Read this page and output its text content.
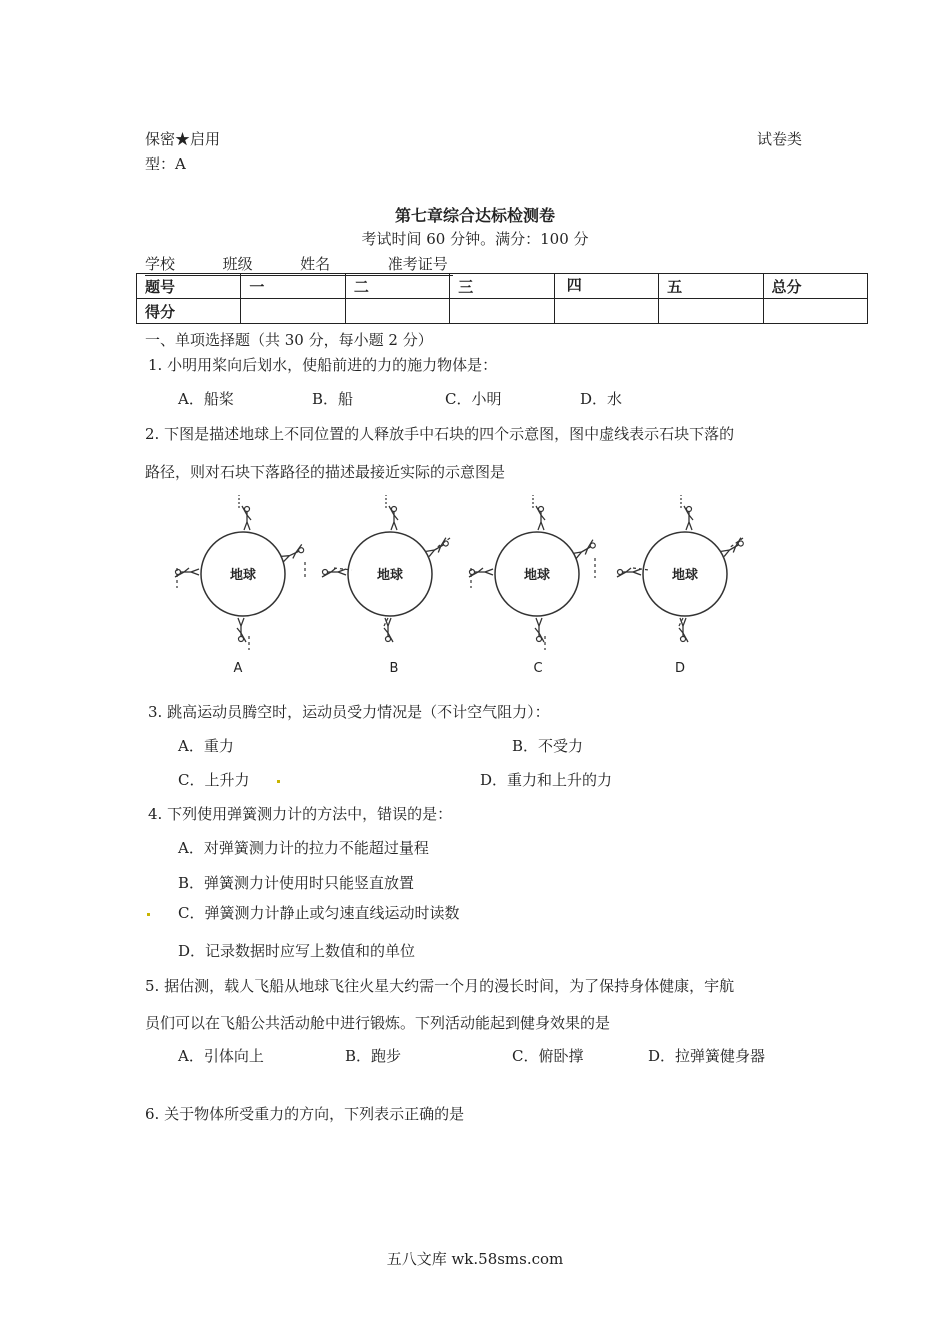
保密★启用	试卷类
型：A
第七章综合达标检测卷
考试时间 60 分钟。满分：100 分
学校	班级	姓名	准考证号
题号	一	二	三	四	五	总分
得分						
一、单项选择题（共 30 分，每小题 2 分）
1. 小明用桨向后划水，使船前进的力的施力物体是：
A．船桨	B．船	C．小明	D．水
2. 下图是描述地球上不同位置的人释放手中石块的四个示意图，图中虚线表示石块下落的
路径，则对石块下落路径的描述最接近实际的示意图是
地球
A
地球
B
地球
C
地球
D
3. 跳高运动员腾空时，运动员受力情况是（不计空气阻力）：
A．重力	B．不受力
C．上升力	D．重力和上升的力
4. 下列使用弹簧测力计的方法中，错误的是：
A．对弹簧测力计的拉力不能超过量程
B．弹簧测力计使用时只能竖直放置
C．弹簧测力计静止或匀速直线运动时读数
D．记录数据时应写上数值和的单位
5. 据估测，载人飞船从地球飞往火星大约需一个月的漫长时间，为了保持身体健康，宇航
员们可以在飞船公共活动舱中进行锻炼。下列活动能起到健身效果的是
A．引体向上	B．跑步	C．俯卧撑	D．拉弹簧健身器
6. 关于物体所受重力的方向，下列表示正确的是
五八文库 wk.58sms.com
